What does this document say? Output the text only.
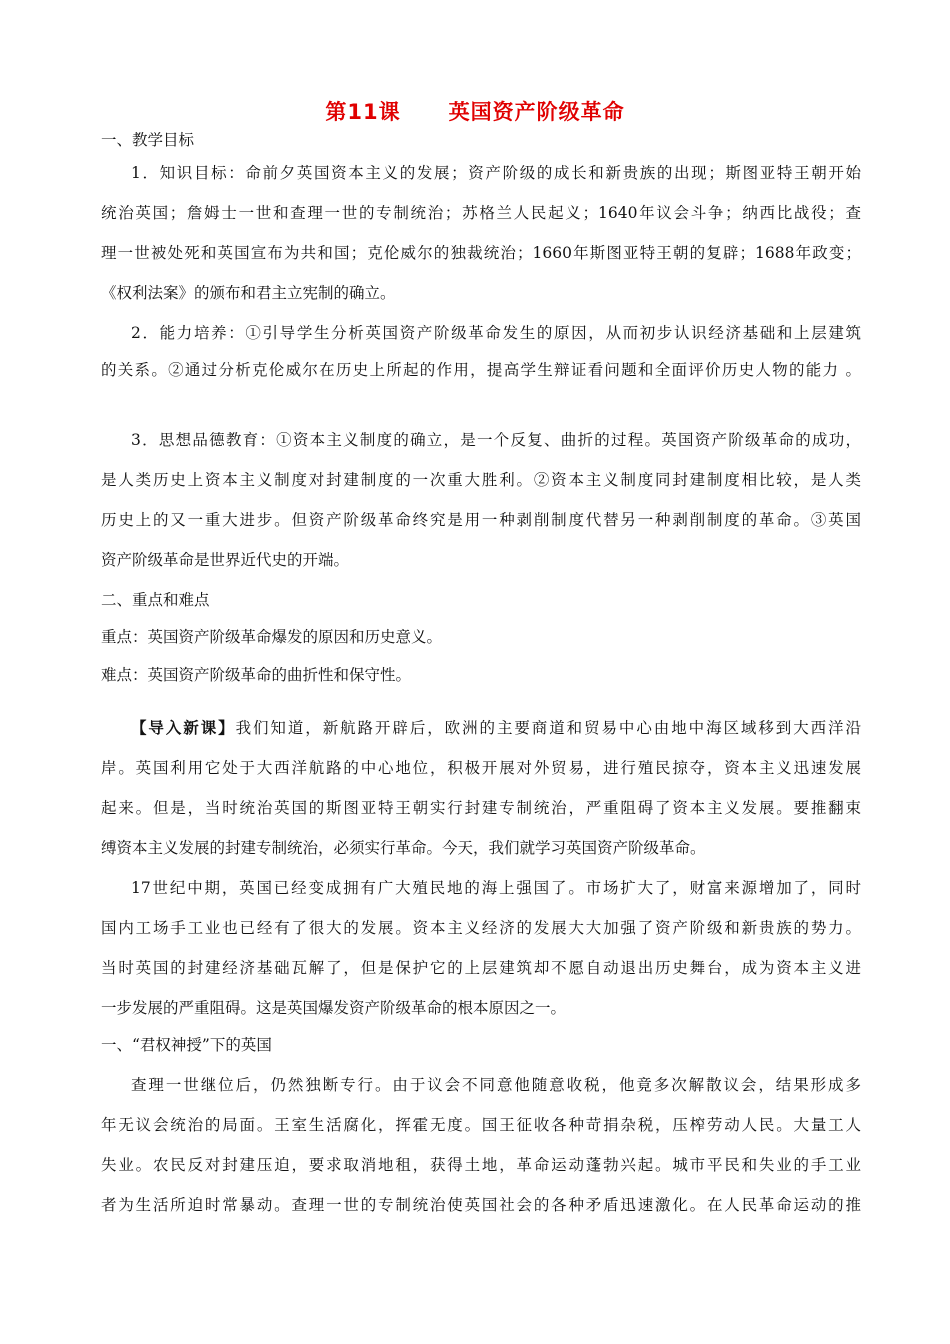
第11课 英国资产阶级革命
一、教学目标
1．知识目标：命前夕英国资本主义的发展；资产阶级的成长和新贵族的出现；斯图亚特王朝开始
统治英国；詹姆士一世和查理一世的专制统治；苏格兰人民起义；1640年议会斗争；纳西比战役；查
理一世被处死和英国宣布为共和国；克伦威尔的独裁统治；1660年斯图亚特王朝的复辟；1688年政变；
《权利法案》的颁布和君主立宪制的确立。
2．能力培养：①引导学生分析英国资产阶级革命发生的原因，从而初步认识经济基础和上层建筑
的关系。②通过分析克伦威尔在历史上所起的作用，提高学生辩证看问题和全面评价历史人物的能力 。
3．思想品德教育：①资本主义制度的确立，是一个反复、曲折的过程。英国资产阶级革命的成功，
是人类历史上资本主义制度对封建制度的一次重大胜利。②资本主义制度同封建制度相比较，是人类
历史上的又一重大进步。但资产阶级革命终究是用一种剥削制度代替另一种剥削制度的革命。③英国
资产阶级革命是世界近代史的开端。
二、重点和难点
重点：英国资产阶级革命爆发的原因和历史意义。
难点：英国资产阶级革命的曲折性和保守性。
【导入新课】我们知道，新航路开辟后，欧洲的主要商道和贸易中心由地中海区域移到大西洋沿
岸。英国利用它处于大西洋航路的中心地位，积极开展对外贸易，进行殖民掠夺，资本主义迅速发展
起来。但是，当时统治英国的斯图亚特王朝实行封建专制统治，严重阻碍了资本主义发展。要推翻束
缚资本主义发展的封建专制统治，必须实行革命。今天，我们就学习英国资产阶级革命。
17世纪中期，英国已经变成拥有广大殖民地的海上强国了。市场扩大了，财富来源增加了，同时
国内工场手工业也已经有了很大的发展。资本主义经济的发展大大加强了资产阶级和新贵族的势力。
当时英国的封建经济基础瓦解了，但是保护它的上层建筑却不愿自动退出历史舞台，成为资本主义进
一步发展的严重阻碍。这是英国爆发资产阶级革命的根本原因之一。
一、“君权神授”下的英国
查理一世继位后，仍然独断专行。由于议会不同意他随意收税，他竟多次解散议会，结果形成多
年无议会统治的局面。王室生活腐化，挥霍无度。国王征收各种苛捐杂税，压榨劳动人民。大量工人
失业。农民反对封建压迫，要求取消地租，获得土地，革命运动蓬勃兴起。城市平民和失业的手工业
者为生活所迫时常暴动。查理一世的专制统治使英国社会的各种矛盾迅速激化。在人民革命运动的推
